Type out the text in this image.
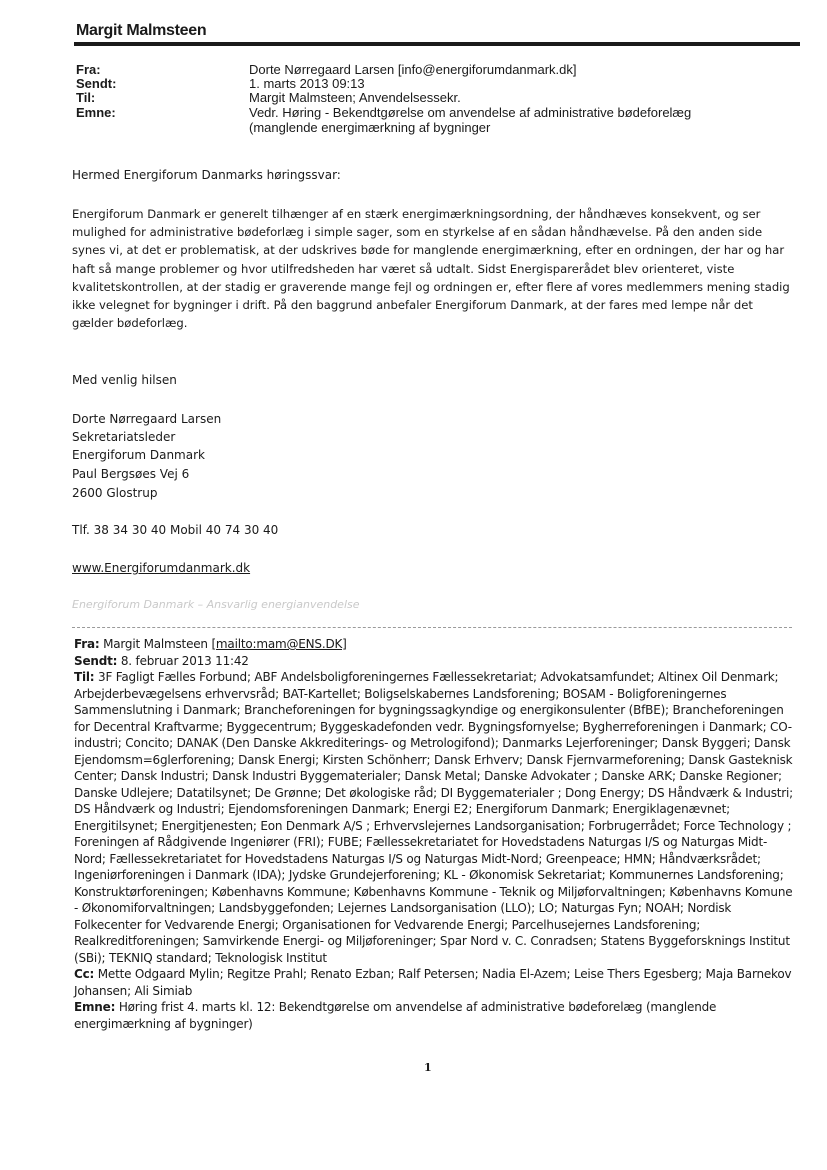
Margit Malmsteen
Fra:	Dorte Nørregaard Larsen [info@energiforumdanmark.dk]
Sendt:	1. marts 2013 09:13
Til:	Margit Malmsteen; Anvendelsessekr.
Emne:	Vedr. Høring - Bekendtgørelse om anvendelse af administrative bødeforelæg (manglende energimærkning af bygninger
Hermed Energiforum Danmarks høringssvar:
Energiforum Danmark er generelt tilhænger af en stærk energimærkningsordning, der håndhæves konsekvent, og ser mulighed for administrative bødeforlæg i simple sager, som en styrkelse af en sådan håndhævelse. På den anden side synes vi, at det er problematisk, at der udskrives bøde for manglende energimærkning, efter en ordningen, der har og har haft så mange problemer og hvor utilfredsheden har været så udtalt. Sidst Energisparerådet blev orienteret, viste kvalitetskontrollen, at der stadig er graverende mange fejl og ordningen er, efter flere af vores medlemmers mening stadig ikke velegnet for bygninger i drift. På den baggrund anbefaler Energiforum Danmark, at der fares med lempe når det gælder bødeforlæg.
Med venlig hilsen
Dorte Nørregaard Larsen
Sekretariatsleder
Energiforum Danmark
Paul Bergsøes Vej 6
2600 Glostrup
Tlf. 38 34 30 40 Mobil 40 74 30 40
www.Energiforumdanmark.dk
Energiforum Danmark – Ansvarlig energianvendelse
Fra: Margit Malmsteen [mailto:mam@ENS.DK]
Sendt: 8. februar 2013 11:42
Til: 3F Fagligt Fælles Forbund; ABF Andelsboligforeningernes Fællessekretariat; Advokatsamfundet; Altinex Oil Denmark; Arbejderbevægelsens erhvervsråd; BAT-Kartellet; Boligselskabernes Landsforening; BOSAM - Boligforeningernes Sammenslutning i Danmark; Brancheforeningen for bygningssagkyndige og energikonsulenter (BfBE); Brancheforeningen for Decentral Kraftvarme; Byggecentrum; Byggeskadefonden vedr. Bygningsfornyelse; Bygherreforeningen i Danmark; CO-industri; Concito; DANAK (Den Danske Akkrediterings- og Metrologifond); Danmarks Lejerforeninger; Dansk Byggeri; Dansk Ejendomsm=6glerforening; Dansk Energi; Kirsten Schönherr; Dansk Erhverv; Dansk Fjernvarmeforening; Dansk Gasteknisk Center; Dansk Industri; Dansk Industri Byggematerialer; Dansk Metal; Danske Advokater ; Danske ARK; Danske Regioner; Danske Udlejere; Datatilsynet; De Grønne; Det økologiske råd; DI Byggematerialer ; Dong Energy; DS Håndværk & Industri; DS Håndværk og Industri; Ejendomsforeningen Danmark; Energi E2; Energiforum Danmark; Energiklagenævnet; Energitilsynet; Energitjenesten; Eon Denmark A/S ; Erhvervslejernes Landsorganisation; Forbrugerrådet; Force Technology ; Foreningen af Rådgivende Ingeniører (FRI); FUBE; Fællessekretariatet for Hovedstadens Naturgas I/S og Naturgas Midt-Nord; Fællessekretariatet for Hovedstadens Naturgas I/S og Naturgas Midt-Nord; Greenpeace; HMN; Håndværksrådet; Ingeniørforeningen i Danmark (IDA); Jydske Grundejerforening; KL - Økonomisk Sekretariat; Kommunernes Landsforening; Konstruktørforeningen; Københavns Kommune; Københavns Kommune - Teknik og Miljøforvaltningen; Københavns Komune - Økonomiforvaltningen; Landsbyggefonden; Lejernes Landsorganisation (LLO); LO; Naturgas Fyn; NOAH; Nordisk Folkecenter for Vedvarende Energi; Organisationen for Vedvarende Energi; Parcelhusejernes Landsforening; Realkreditforeningen; Samvirkende Energi- og Miljøforeninger; Spar Nord v. C. Conradsen; Statens Byggeforsknings Institut (SBi); TEKNIQ standard; Teknologisk Institut
Cc: Mette Odgaard Mylin; Regitze Prahl; Renato Ezban; Ralf Petersen; Nadia El-Azem; Leise Thers Egesberg; Maja Barnekov Johansen; Ali Simiab
Emne: Høring frist 4. marts kl. 12: Bekendtgørelse om anvendelse af administrative bødeforelæg (manglende energimærkning af bygninger)
1
